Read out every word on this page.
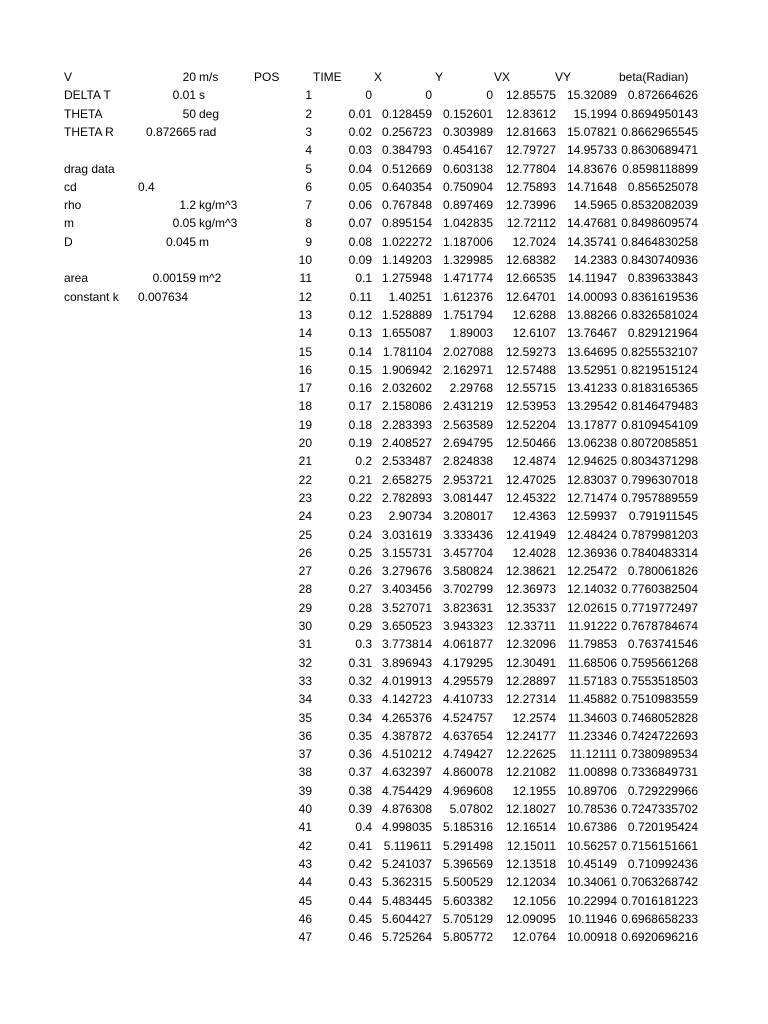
V	20 m/s
DELTA T	0.01 s
THETA	50 deg
THETA R	0.872665 rad
drag data
cd	0.4
rho	1.2 kg/m^3
m	0.05 kg/m^3
D	0.045 m
area	0.00159 m^2
constant k	0.007634
POS	TIME	X	Y	VX	VY	beta(Radian)
1	0	0	0	12.85575 15.32089 0.872664626
2	0.01 0.128459 0.152601	12.83612	15.1994 0.8694950143
3	0.02 0.256723 0.303989	12.81663 15.07821 0.8662965545
4	0.03 0.384793 0.454167	12.79727 14.95733 0.8630689471
5	0.04 0.512669 0.603138	12.77804 14.83676 0.8598118899
6	0.05 0.640354 0.750904	12.75893 14.71648 0.856525078
7	0.06 0.767848 0.897469	12.73996	14.5965 0.8532082039
8	0.07 0.895154 1.042835	12.72112 14.47681 0.8498609574
9	0.08 1.022272 1.187006	12.7024 14.35741 0.8464830258
10	0.09 1.149203 1.329985	12.68382	14.2383 0.8430740936
11	0.1 1.275948 1.471774	12.66535 14.11947 0.839633843
12	0.11	1.40251 1.612376	12.64701 14.00093 0.8361619536
13	0.12 1.528889 1.751794	12.6288 13.88266 0.8326581024
14	0.13 1.655087	1.89003	12.6107 13.76467 0.829121964
15	0.14 1.781104 2.027088	12.59273 13.64695 0.8255532107
16	0.15 1.906942 2.162971	12.57488 13.52951 0.8219515124
17	0.16 2.032602	2.29768	12.55715 13.41233 0.8183165365
18	0.17 2.158086 2.431219	12.53953 13.29542 0.8146479483
19	0.18 2.283393 2.563589	12.52204 13.17877 0.8109454109
20	0.19 2.408527 2.694795	12.50466 13.06238 0.8072085851
21	0.2 2.533487 2.824838	12.4874 12.94625 0.8034371298
22	0.21 2.658275 2.953721	12.47025 12.83037 0.7996307018
23	0.22 2.782893 3.081447	12.45322 12.71474 0.7957889559
24	0.23	2.90734 3.208017	12.4363 12.59937 0.791911545
25	0.24 3.031619 3.333436	12.41949 12.48424 0.7879981203
26	0.25 3.155731 3.457704	12.4028 12.36936 0.7840483314
27	0.26 3.279676 3.580824	12.38621 12.25472 0.780061826
28	0.27 3.403456 3.702799	12.36973 12.14032 0.7760382504
29	0.28 3.527071 3.823631	12.35337 12.02615 0.7719772497
30	0.29 3.650523 3.943323	12.33711 11.91222 0.7678784674
31	0.3 3.773814 4.061877	12.32096 11.79853 0.763741546
32	0.31 3.896943 4.179295	12.30491 11.68506 0.7595661268
33	0.32 4.019913 4.295579	12.28897 11.57183 0.7553518503
34	0.33 4.142723 4.410733	12.27314 11.45882 0.7510983559
35	0.34 4.265376 4.524757	12.2574 11.34603 0.7468052828
36	0.35 4.387872 4.637654	12.24177 11.23346 0.7424722693
37	0.36 4.510212 4.749427	12.22625	11.12111 0.7380989534
38	0.37 4.632397 4.860078	12.21082 11.00898 0.7336849731
39	0.38 4.754429 4.969608	12.1955 10.89706 0.729229966
40	0.39 4.876308	5.07802	12.18027 10.78536 0.7247335702
41	0.4 4.998035 5.185316	12.16514 10.67386 0.720195424
42	0.41 5.119611 5.291498	12.15011 10.56257 0.7156151661
43	0.42 5.241037 5.396569	12.13518 10.45149 0.710992436
44	0.43 5.362315 5.500529	12.12034 10.34061 0.7063268742
45	0.44 5.483445 5.603382	12.1056 10.22994 0.7016181223
46	0.45 5.604427 5.705129	12.09095 10.11946 0.6968658233
47	0.46 5.725264 5.805772	12.0764 10.00918 0.6920696216
